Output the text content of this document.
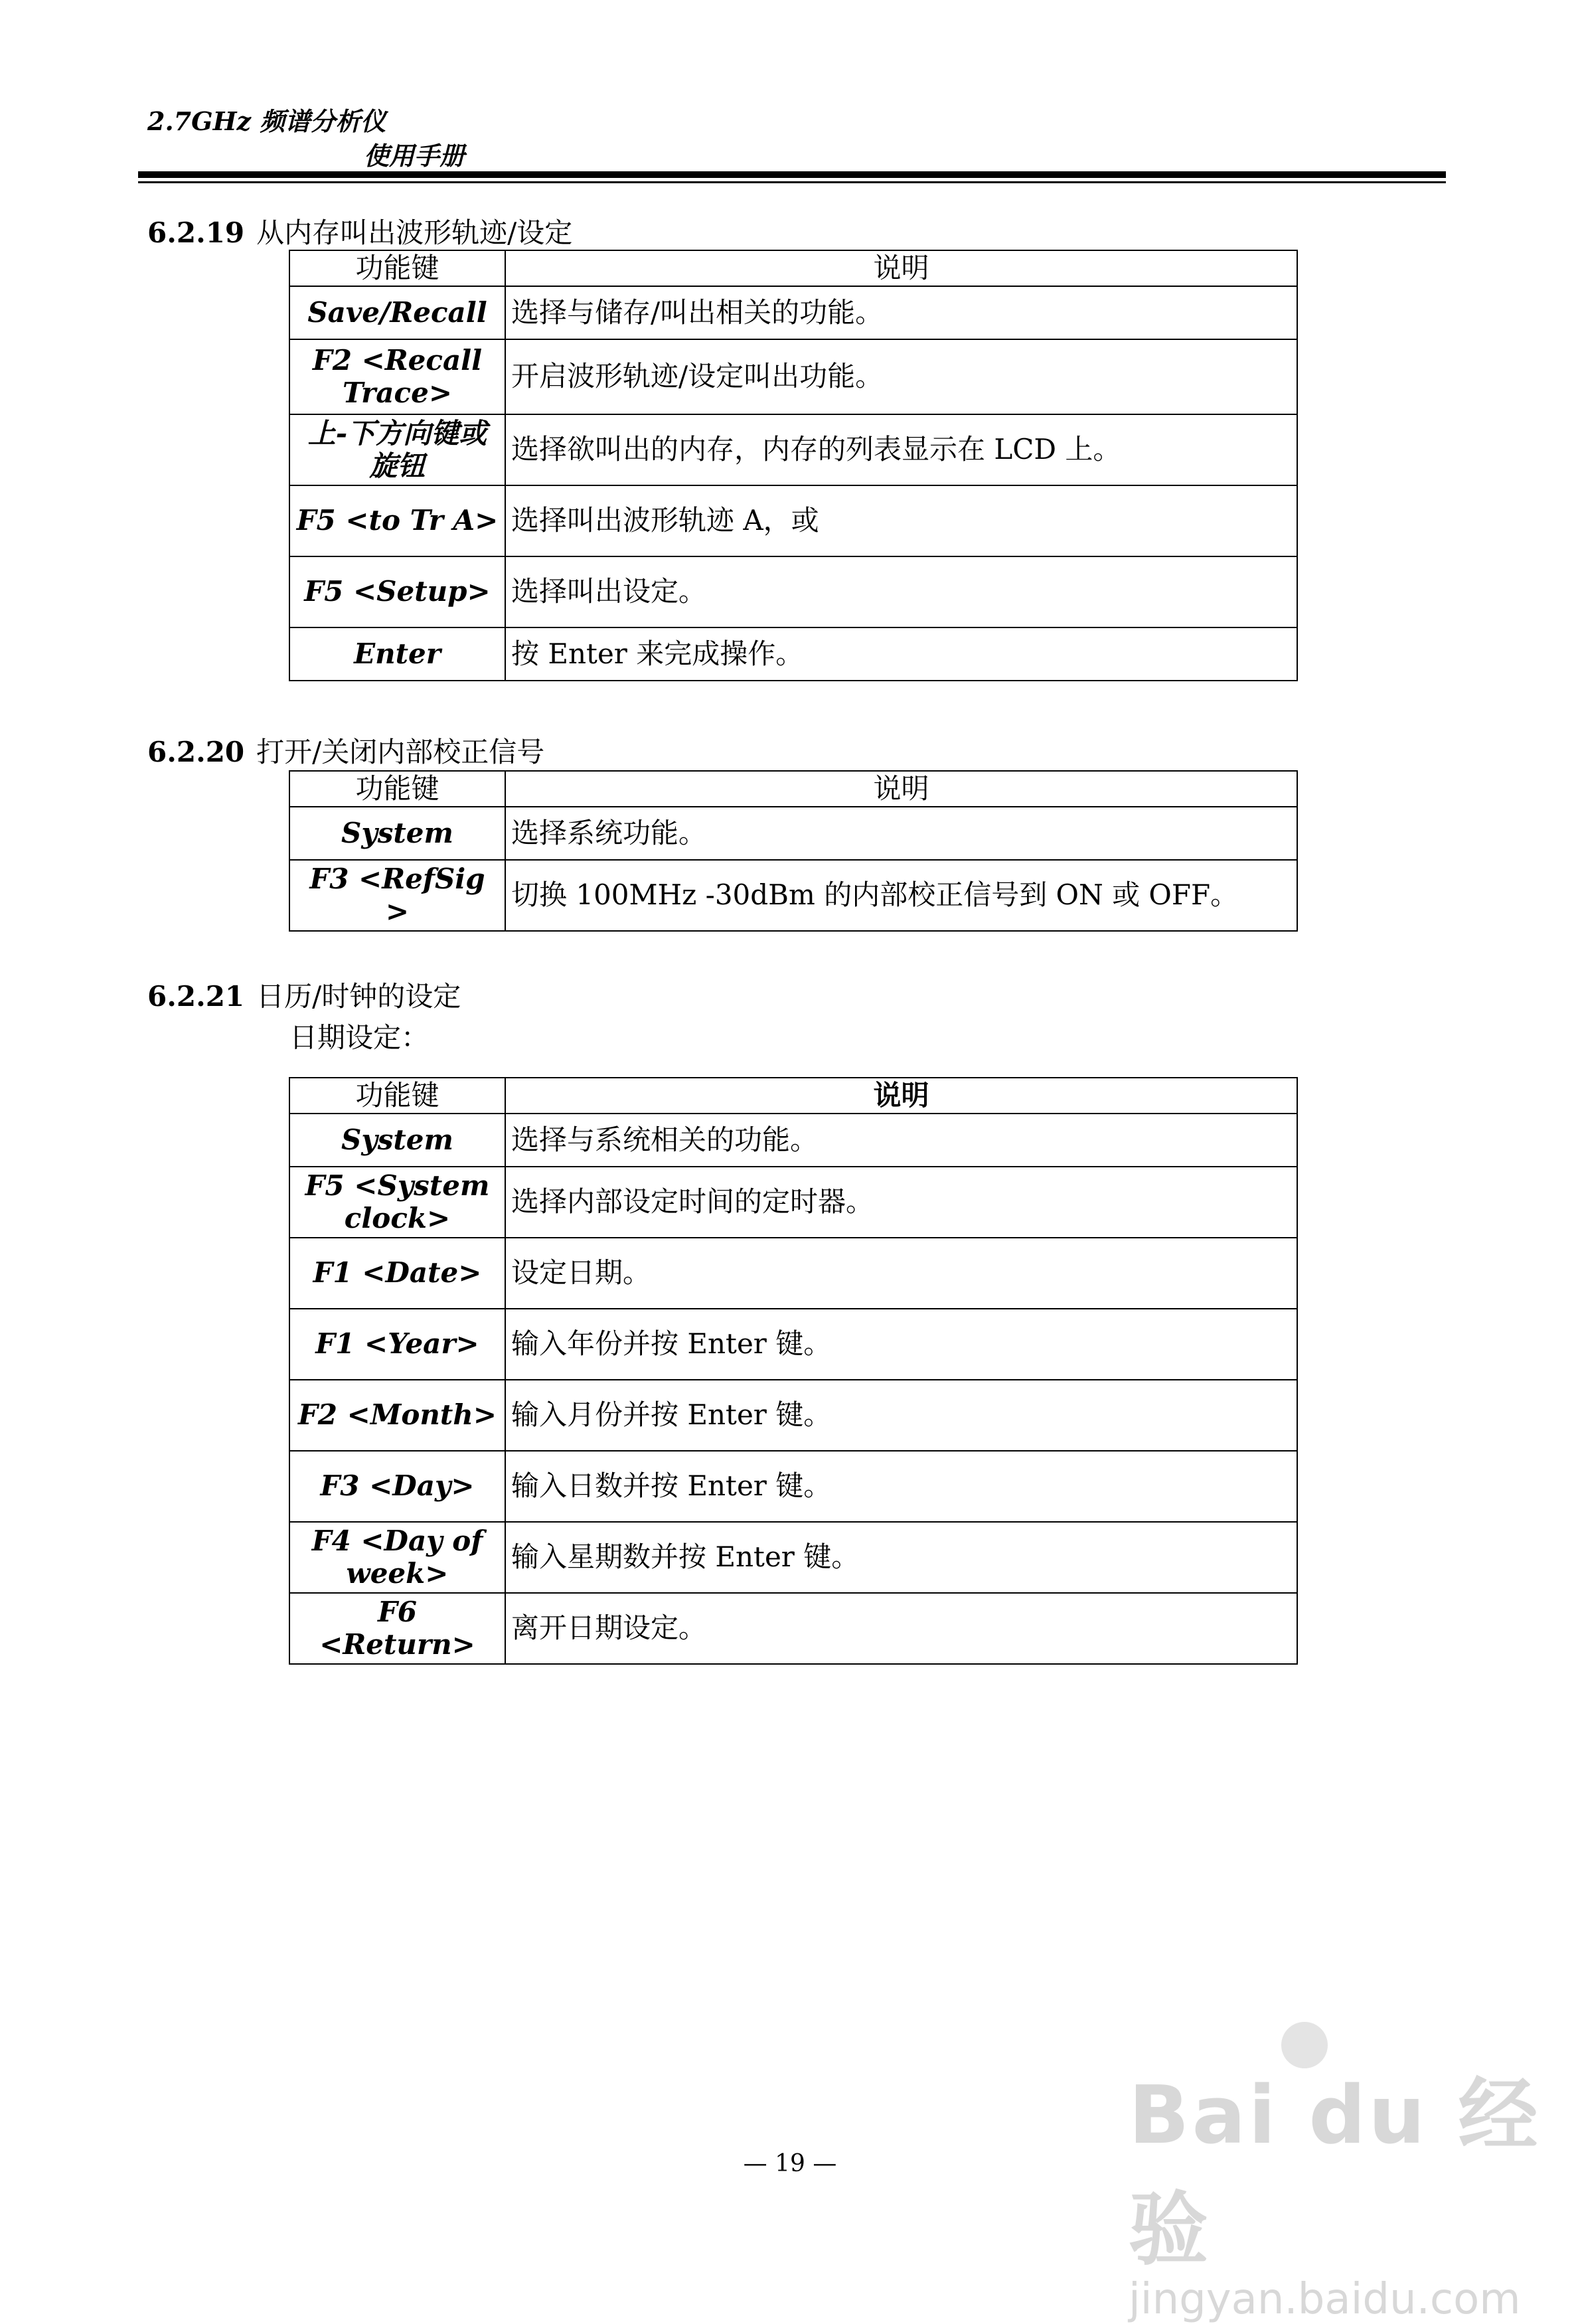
2.7GHz 频谱分析仪
使用手册
6.2.19 从内存叫出波形轨迹/设定
功能键	说明
Save/Recall	选择与储存/叫出相关的功能。
F2 <Recall Trace>	开启波形轨迹/设定叫出功能。
上-下方向键或旋钮	选择欲叫出的内存，内存的列表显示在 LCD 上。
F5 <to Tr A>	选择叫出波形轨迹 A，或
F5 <Setup>	选择叫出设定。
Enter	按 Enter 来完成操作。
6.2.20 打开/关闭内部校正信号
功能键	说明
System	选择系统功能。
F3 <RefSig >	切换 100MHz -30dBm 的内部校正信号到 ON 或 OFF。
6.2.21 日历/时钟的设定
日期设定：
功能键	说明
System	选择与系统相关的功能。
F5 <System clock>	选择内部设定时间的定时器。
F1 <Date>	设定日期。
F1 <Year>	输入年份并按 Enter 键。
F2 <Month>	输入月份并按 Enter 键。
F3 <Day>	输入日数并按 Enter 键。
F4 <Day of week>	输入星期数并按 Enter 键。
F6 <Return>	离开日期设定。
Bai du 经验
jingyan.baidu.com
— 19 —
